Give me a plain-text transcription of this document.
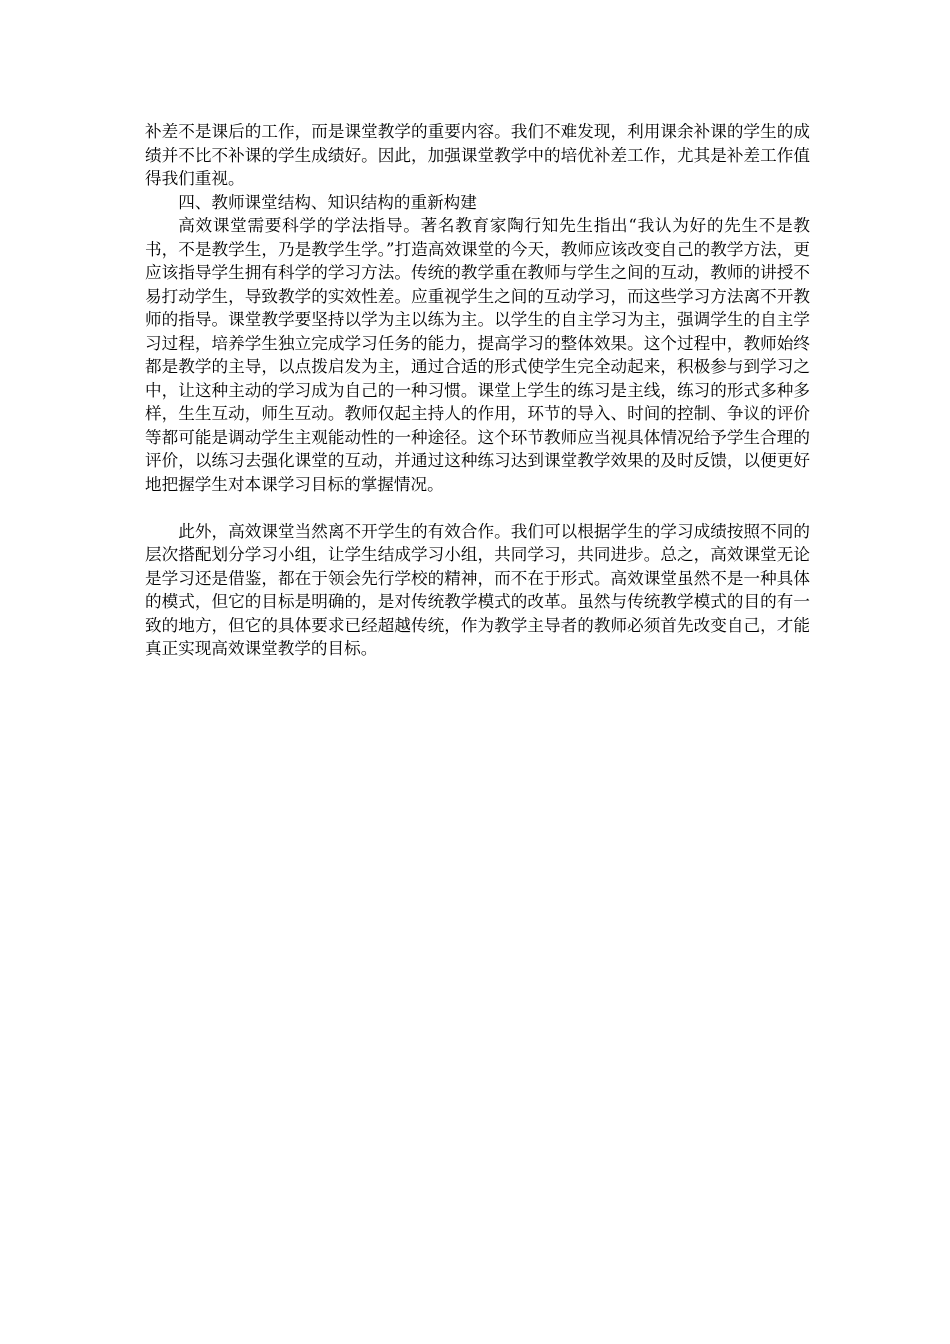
补差不是课后的工作，而是课堂教学的重要内容。我们不难发现，利用课余补课的学生的成绩并不比不补课的学生成绩好。因此，加强课堂教学中的培优补差工作，尤其是补差工作值得我们重视。

四、教师课堂结构、知识结构的重新构建

高效课堂需要科学的学法指导。著名教育家陶行知先生指出“我认为好的先生不是教书，不是教学生，乃是教学生学。”打造高效课堂的今天，教师应该改变自己的教学方法，更应该指导学生拥有科学的学习方法。传统的教学重在教师与学生之间的互动，教师的讲授不易打动学生，导致教学的实效性差。应重视学生之间的互动学习，而这些学习方法离不开教师的指导。课堂教学要坚持以学为主以练为主。以学生的自主学习为主，强调学生的自主学习过程，培养学生独立完成学习任务的能力，提高学习的整体效果。这个过程中，教师始终都是教学的主导，以点拨启发为主，通过合适的形式使学生完全动起来，积极参与到学习之中，让这种主动的学习成为自己的一种习惯。课堂上学生的练习是主线，练习的形式多种多样，生生互动，师生互动。教师仅起主持人的作用，环节的导入、时间的控制、争议的评价等都可能是调动学生主观能动性的一种途径。这个环节教师应当视具体情况给予学生合理的评价，以练习去强化课堂的互动，并通过这种练习达到课堂教学效果的及时反馈，以便更好地把握学生对本课学习目标的掌握情况。

此外，高效课堂当然离不开学生的有效合作。我们可以根据学生的学习成绩按照不同的层次搭配划分学习小组，让学生结成学习小组，共同学习，共同进步。总之，高效课堂无论是学习还是借鉴，都在于领会先行学校的精神，而不在于形式。高效课堂虽然不是一种具体的模式，但它的目标是明确的，是对传统教学模式的改革。虽然与传统教学模式的目的有一致的地方，但它的具体要求已经超越传统，作为教学主导者的教师必须首先改变自己，才能真正实现高效课堂教学的目标。
